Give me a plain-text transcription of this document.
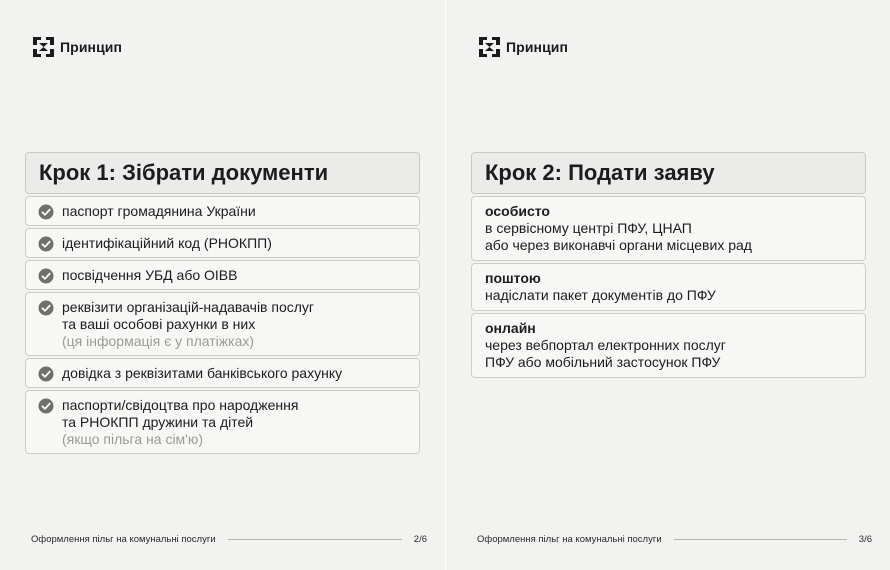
Принцип
Крок 1: Зібрати документи
паспорт громадянина України
ідентифікаційний код (РНОКПП)
посвідчення УБД або ОІВВ
реквізити організацій-надавачів послуг
та ваші особові рахунки в них
(ця інформація є у платіжках)
довідка з реквізитами банківського рахунку
паспорти/свідоцтва про народження
та РНОКПП дружини та дітей
(якщо пільга на сім'ю)
Оформлення пільг на комунальні послуги	2/6
Принцип
Крок 2: Подати заяву
особисто
в сервісному центрі ПФУ, ЦНАП
або через виконавчі органи місцевих рад
поштою
надіслати пакет документів до ПФУ
онлайн
через вебпортал електронних послуг
ПФУ або мобільний застосунок ПФУ
Оформлення пільг на комунальні послуги	3/6
